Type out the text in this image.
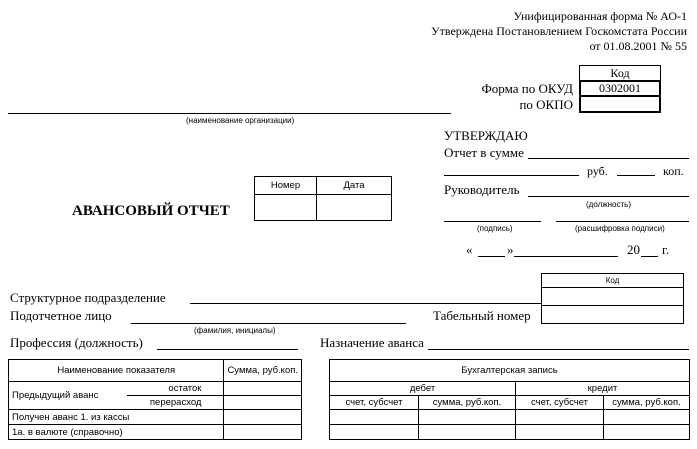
Унифицированная форма № АО-1
Утверждена Постановлением Госкомстата России
от 01.08.2001 № 55
Код
0302001
Форма по ОКУД
по ОКПО
(наименование организации)
Номер	Дата

АВАНСОВЫЙ ОТЧЕТ
УТВЕРЖДАЮ
Отчет в сумме
руб.	коп.
Руководитель
(должность)
(подпись)	(расшифровка подписи)
«	»	20 г.
Код

Структурное подразделение
Подотчетное лицо
(фамилия, инициалы)
Табельный номер
Профессия (должность)	Назначение аванса
Наименование показателя		Сумма, руб.коп.
Предыдущий аванс	остаток	
	перерасход	
Получен аванс 1. из кассы		
1а. в валюте (справочно)		
Бухгалтерская запись			
дебет		кредит	
счет, субсчет	сумма, руб.коп.	счет, субсчет	сумма, руб.коп.
